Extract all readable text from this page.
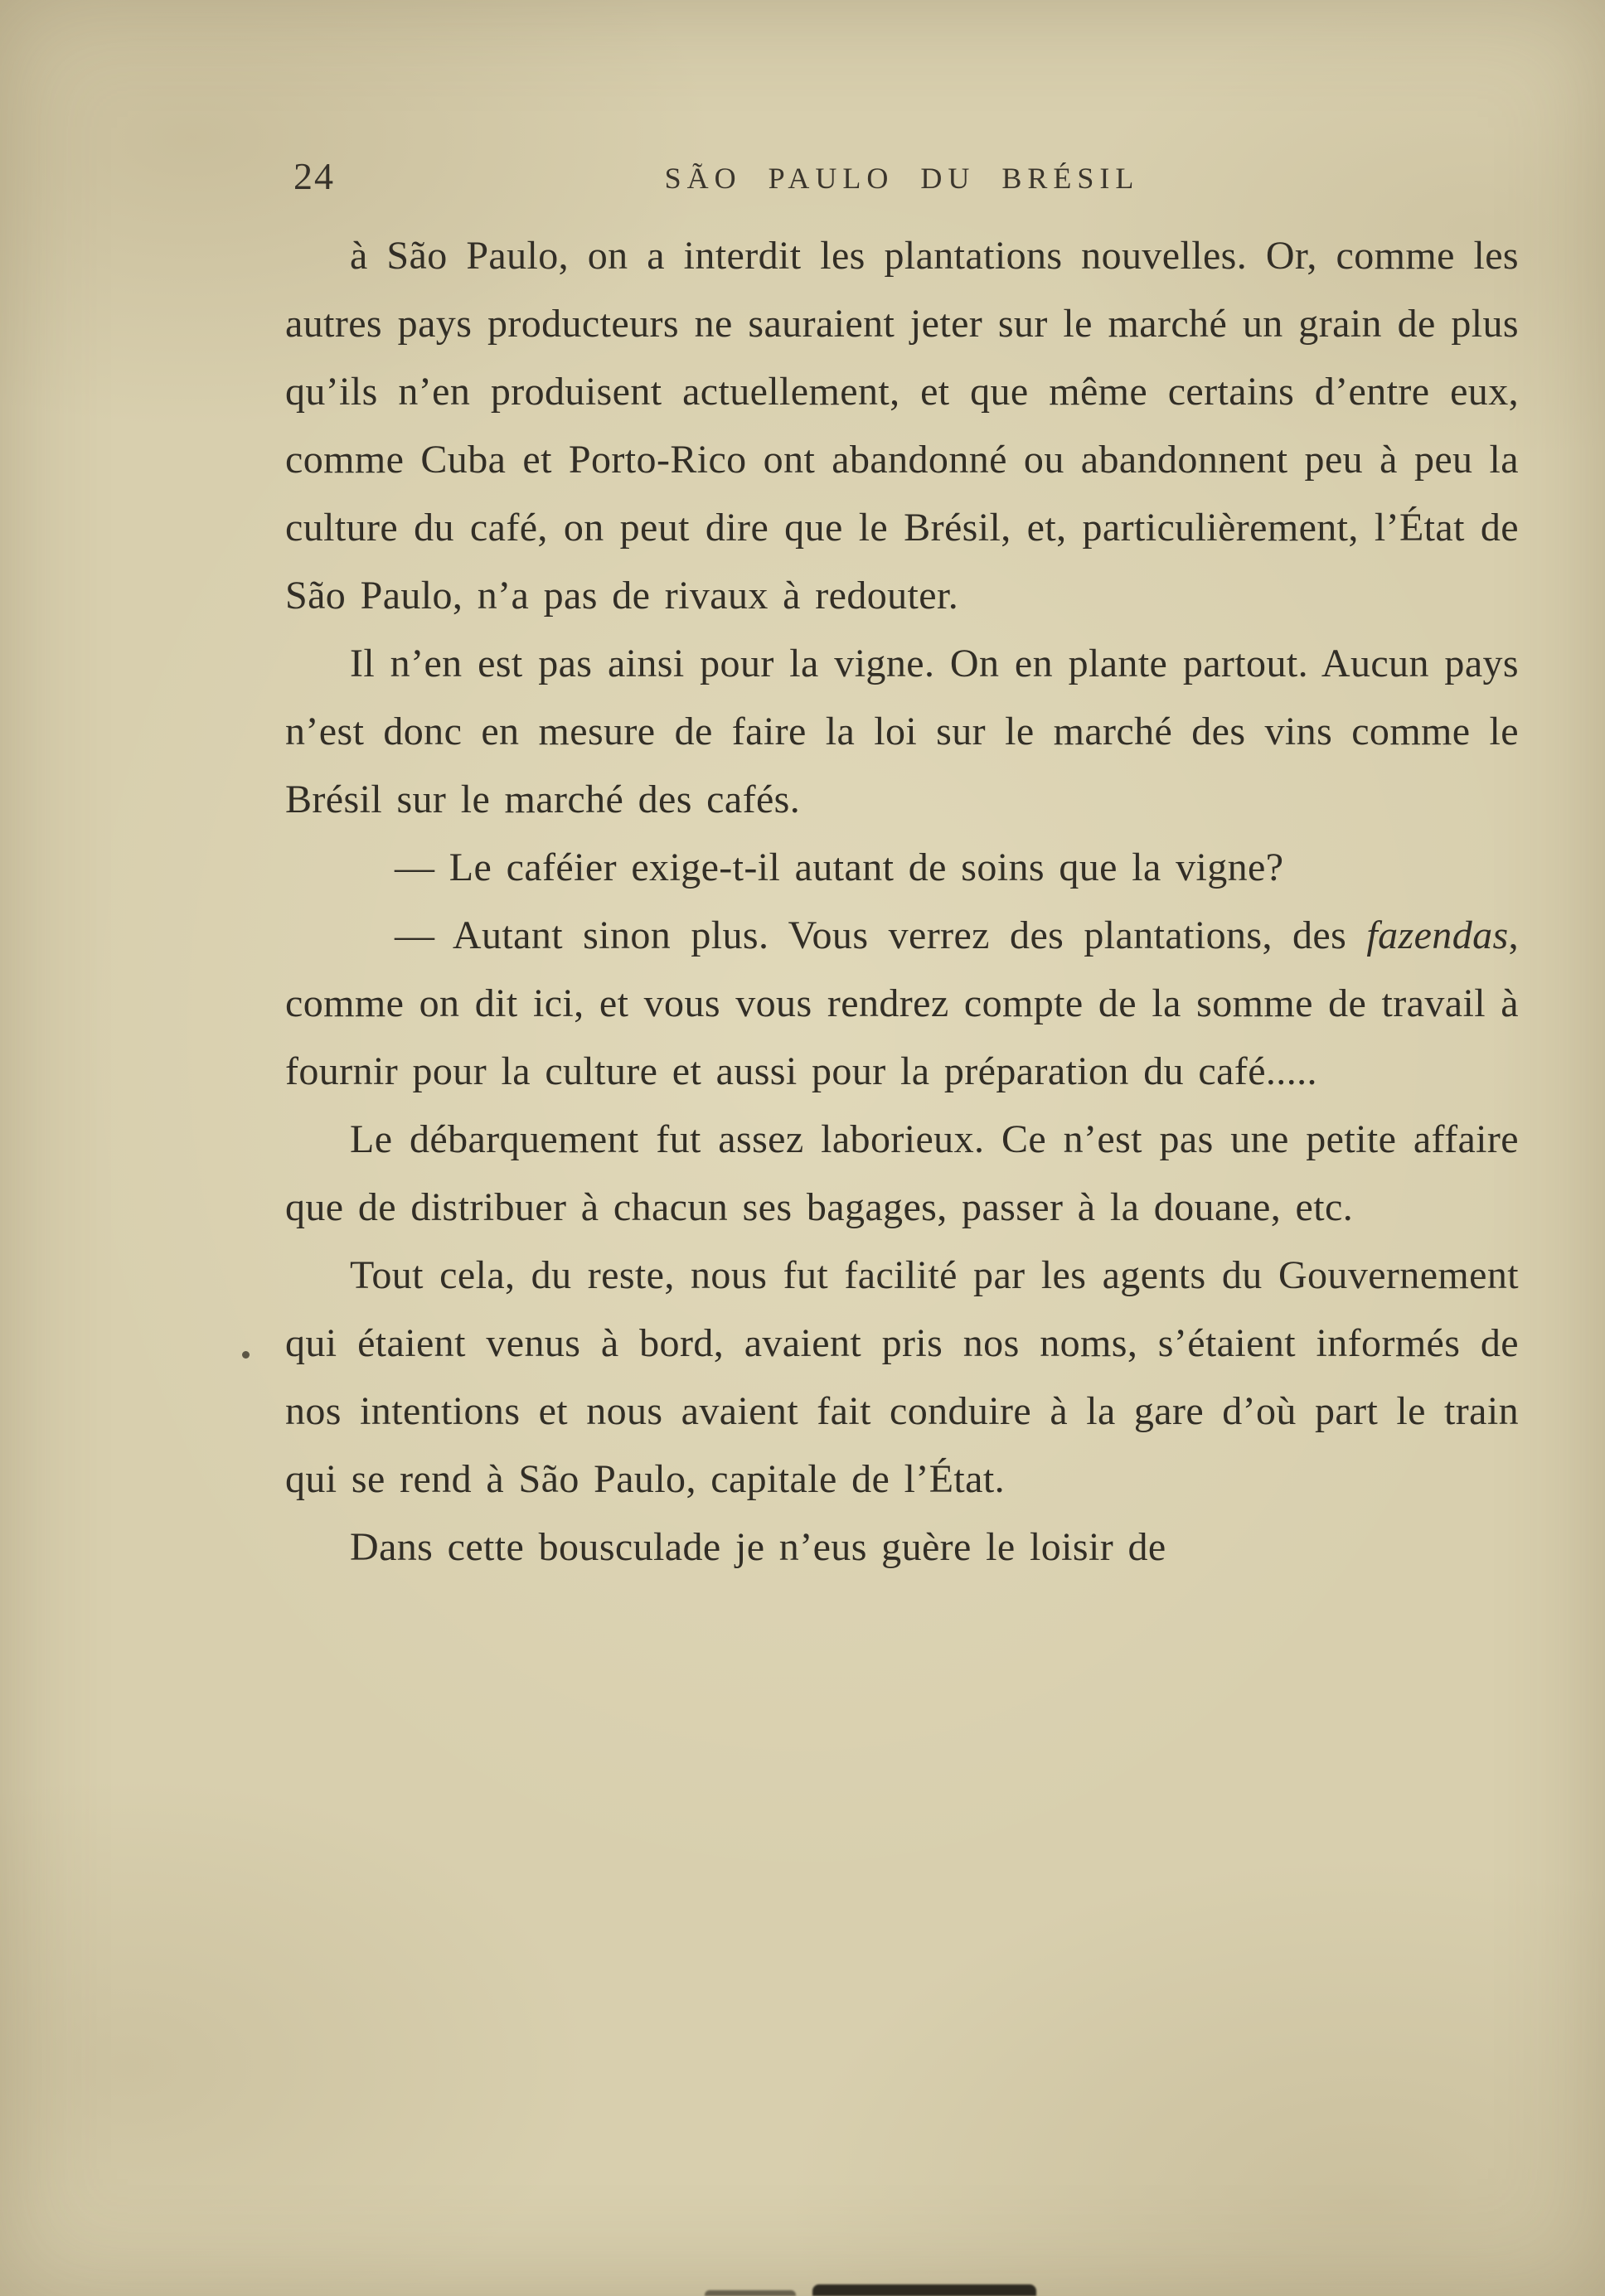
24	SÃO PAULO DU BRÉSIL

à São Paulo, on a interdit les plantations nouvelles. Or, comme les autres pays producteurs ne sauraient jeter sur le marché un grain de plus qu’ils n’en produisent actuellement, et que même certains d’entre eux, comme Cuba et Porto-Rico ont abandonné ou abandonnent peu à peu la culture du café, on peut dire que le Brésil, et, particulièrement, l’État de São Paulo, n’a pas de rivaux à redouter.

Il n’en est pas ainsi pour la vigne. On en plante partout. Aucun pays n’est donc en mesure de faire la loi sur le marché des vins comme le Brésil sur le marché des cafés.

— Le caféier exige-t-il autant de soins que la vigne?

— Autant sinon plus. Vous verrez des plantations, des fazendas, comme on dit ici, et vous vous rendrez compte de la somme de travail à fournir pour la culture et aussi pour la préparation du café.....

Le débarquement fut assez laborieux. Ce n’est pas une petite affaire que de distribuer à chacun ses bagages, passer à la douane, etc.

Tout cela, du reste, nous fut facilité par les agents du Gouvernement qui étaient venus à bord, avaient pris nos noms, s’étaient informés de nos intentions et nous avaient fait conduire à la gare d’où part le train qui se rend à São Paulo, capitale de l’État.

Dans cette bousculade je n’eus guère le loisir de
